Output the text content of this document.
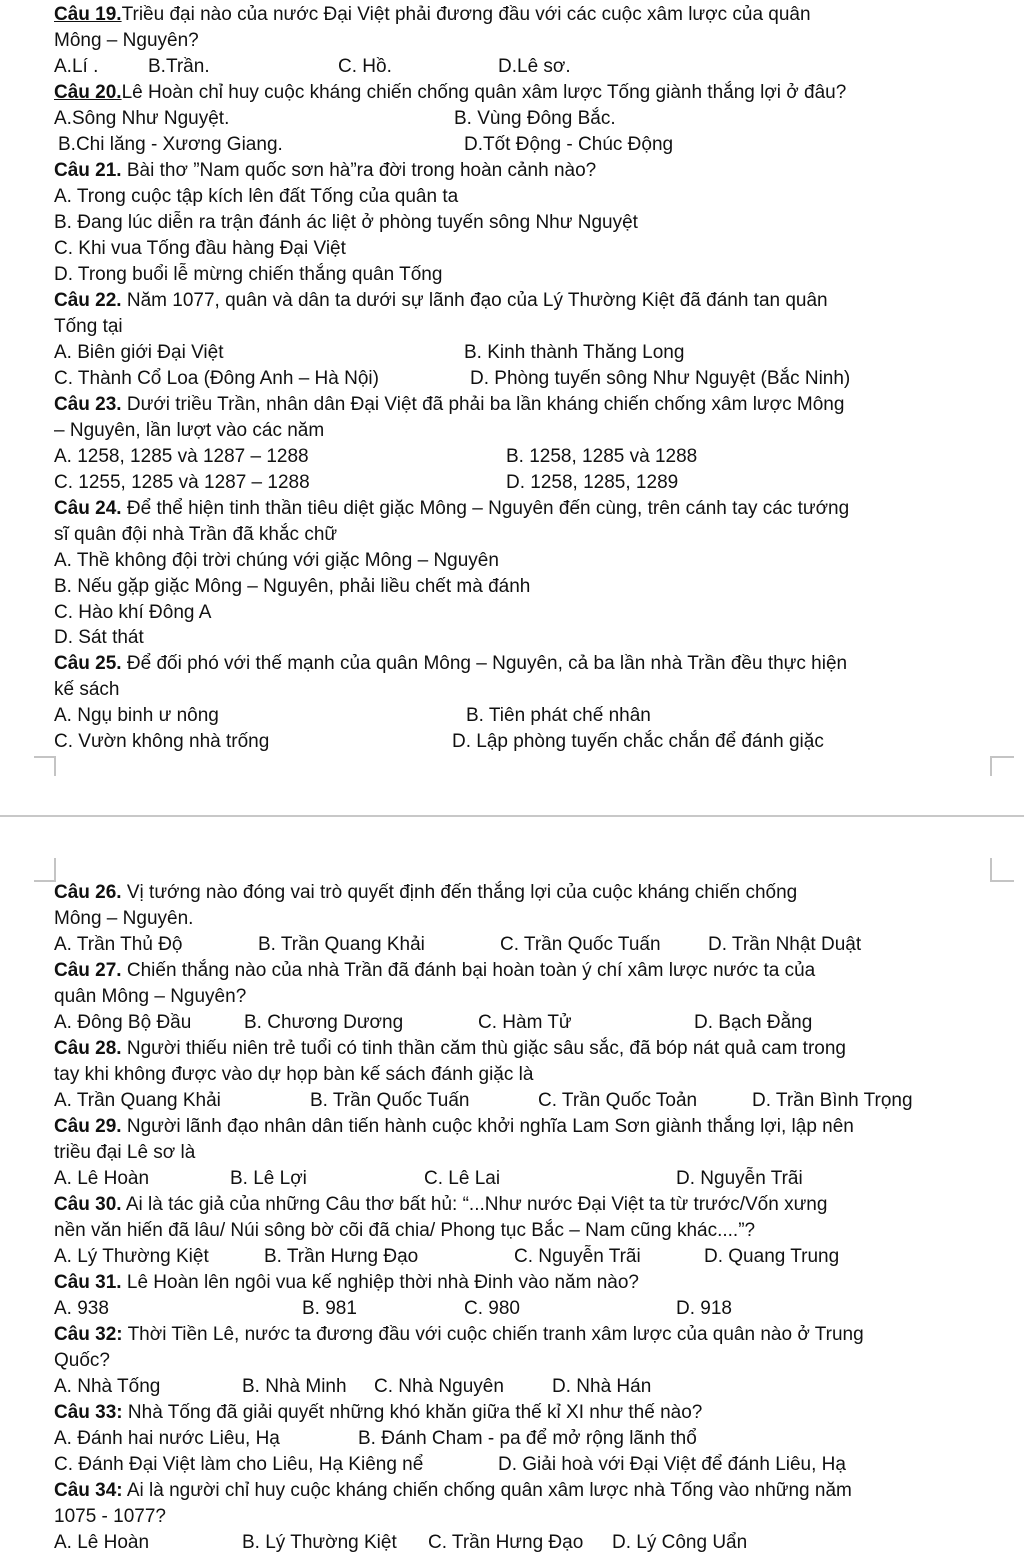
Câu 19.Triều đại nào của nước Đại Việt phải đương đầu với các cuộc xâm lược của quân
Mông – Nguyên?
A.Lí .	B.Trần.	C. Hồ.	D.Lê sơ.
Câu 20.Lê Hoàn chỉ huy cuộc kháng chiến chống quân xâm lược Tống giành thắng lợi ở đâu?
A.Sông Như Nguyệt.	B. Vùng Đông Bắc.
B.Chi lăng - Xương Giang.	D.Tốt Động - Chúc Động
Câu 21. Bài thơ ”Nam quốc sơn hà”ra đời trong hoàn cảnh nào?
A. Trong cuộc tập kích lên đất Tống của quân ta
B. Đang lúc diễn ra trận đánh ác liệt ở phòng tuyến sông Như Nguyệt
C. Khi vua Tống đầu hàng Đại Việt
D. Trong buổi lễ mừng chiến thắng quân Tống
Câu 22. Năm 1077, quân và dân ta dưới sự lãnh đạo của Lý Thường Kiệt đã đánh tan quân
Tống tại
A. Biên giới Đại Việt	B. Kinh thành Thăng Long
C. Thành Cổ Loa (Đông Anh – Hà Nội)	D. Phòng tuyến sông Như Nguyệt (Bắc Ninh)
Câu 23. Dưới triều Trần, nhân dân Đại Việt đã phải ba lần kháng chiến chống xâm lược Mông
– Nguyên, lần lượt vào các năm
A. 1258, 1285 và 1287 – 1288	B. 1258, 1285 và 1288
C. 1255, 1285 và 1287 – 1288	D. 1258, 1285, 1289
Câu 24. Để thể hiện tinh thần tiêu diệt giặc Mông – Nguyên đến cùng, trên cánh tay các tướng
sĩ quân đội nhà Trần đã khắc chữ
A. Thề không đội trời chúng với giặc Mông – Nguyên
B. Nếu gặp giặc Mông – Nguyên, phải liều chết mà đánh
C. Hào khí Đông A
D. Sát thát
Câu 25. Để đối phó với thế mạnh của quân Mông – Nguyên, cả ba lần nhà Trần đều thực hiện
kế sách
A. Ngụ binh ư nông	B. Tiên phát chế nhân
C. Vườn không nhà trống	D. Lập phòng tuyến chắc chắn để đánh giặc
Câu 26. Vị tướng nào đóng vai trò quyết định đến thắng lợi của cuộc kháng chiến chống
Mông – Nguyên.
A. Trần Thủ Độ	B. Trần Quang Khải	C. Trần Quốc Tuấn D. Trần Nhật Duật
Câu 27. Chiến thắng nào của nhà Trần đã đánh bại hoàn toàn ý chí xâm lược nước ta của
quân Mông – Nguyên?
A. Đông Bộ Đầu	B. Chương Dương	C. Hàm Tử	D. Bạch Đằng
Câu 28. Người thiếu niên trẻ tuổi có tinh thần căm thù giặc sâu sắc, đã bóp nát quả cam trong
tay khi không được vào dự họp bàn kế sách đánh giặc là
A. Trần Quang Khải	B. Trần Quốc Tuấn	C. Trần Quốc Toản	D. Trần Bình Trọng
Câu 29. Người lãnh đạo nhân dân tiến hành cuộc khởi nghĩa Lam Sơn giành thắng lợi, lập nên
triều đại Lê sơ là
A. Lê Hoàn	B. Lê Lợi	C. Lê Lai	D. Nguyễn Trãi
Câu 30. Ai là tác giả của những Câu thơ bất hủ: “...Như nước Đại Việt ta từ trước/Vốn xưng
nền văn hiến đã lâu/ Núi sông bờ cõi đã chia/ Phong tục Bắc – Nam cũng khác....”?
A. Lý Thường Kiệt	B. Trần Hưng Đạo	C. Nguyễn Trãi	D. Quang Trung
Câu 31. Lê Hoàn lên ngôi vua kế nghiệp thời nhà Đinh vào năm nào?
A. 938	B. 981	C. 980	D. 918
Câu 32: Thời Tiền Lê, nước ta đương đầu với cuộc chiến tranh xâm lược của quân nào ở Trung
Quốc?
A. Nhà Tống	B. Nhà Minh C. Nhà Nguyên	D. Nhà Hán
Câu 33: Nhà Tống đã giải quyết những khó khăn giữa thế kỉ XI như thế nào?
A. Đánh hai nước Liêu, Hạ	B. Đánh Cham - pa để mở rộng lãnh thổ
C. Đánh Đại Việt làm cho Liêu, Hạ Kiêng nể	D. Giải hoà với Đại Việt để đánh Liêu, Hạ
Câu 34: Ai là người chỉ huy cuộc kháng chiến chống quân xâm lược nhà Tống vào những năm
1075 - 1077?
A. Lê Hoàn	B. Lý Thường Kiệt C. Trần Hưng Đạo D. Lý Công Uẩn
